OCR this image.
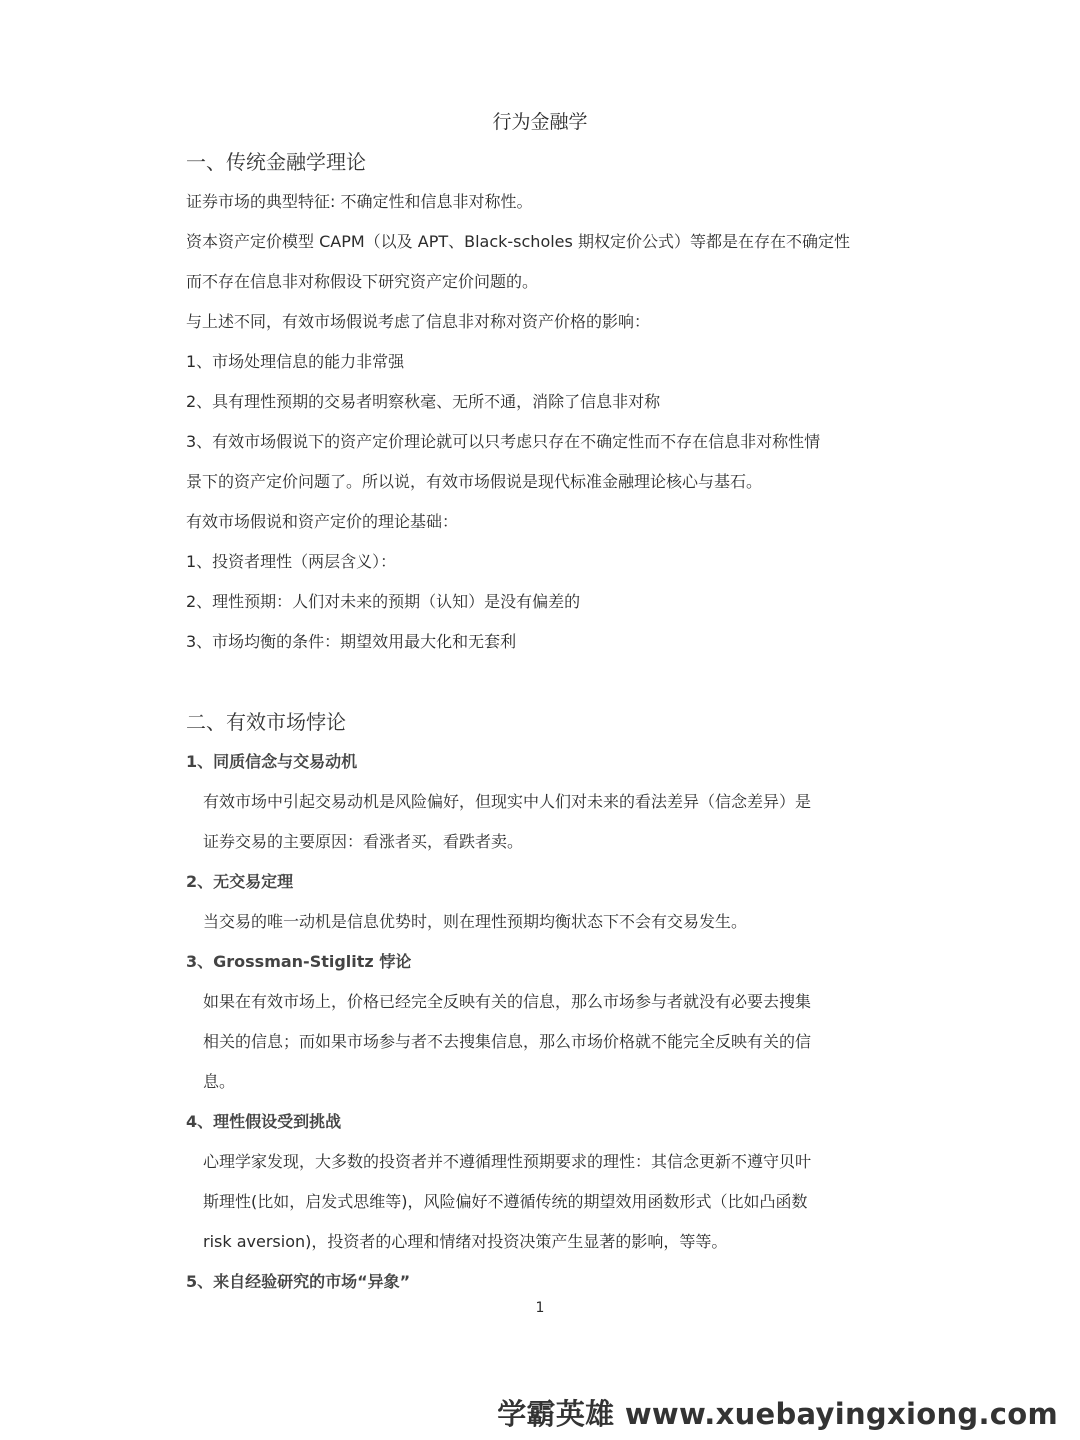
行为金融学
一、传统金融学理论
证券市场的典型特征: 不确定性和信息非对称性。
资本资产定价模型 CAPM（以及 APT、Black-scholes 期权定价公式）等都是在存在不确定性
而不存在信息非对称假设下研究资产定价问题的。
与上述不同，有效市场假说考虑了信息非对称对资产价格的影响：
1、市场处理信息的能力非常强
2、具有理性预期的交易者明察秋毫、无所不通，消除了信息非对称
3、有效市场假说下的资产定价理论就可以只考虑只存在不确定性而不存在信息非对称性情
景下的资产定价问题了。所以说，有效市场假说是现代标准金融理论核心与基石。
有效市场假说和资产定价的理论基础：
1、投资者理性（两层含义）：
2、理性预期：人们对未来的预期（认知）是没有偏差的
3、市场均衡的条件：期望效用最大化和无套利
二、有效市场悖论
1、同质信念与交易动机
有效市场中引起交易动机是风险偏好，但现实中人们对未来的看法差异（信念差异）是
证券交易的主要原因：看涨者买，看跌者卖。
2、无交易定理
当交易的唯一动机是信息优势时，则在理性预期均衡状态下不会有交易发生。
3、Grossman-Stiglitz 悖论
如果在有效市场上，价格已经完全反映有关的信息，那么市场参与者就没有必要去搜集
相关的信息；而如果市场参与者不去搜集信息，那么市场价格就不能完全反映有关的信
息。
4、理性假设受到挑战
心理学家发现，大多数的投资者并不遵循理性预期要求的理性：其信念更新不遵守贝叶
斯理性(比如，启发式思维等)，风险偏好不遵循传统的期望效用函数形式（比如凸函数
risk aversion)，投资者的心理和情绪对投资决策产生显著的影响，等等。
5、来自经验研究的市场“异象”
1
学霸英雄 www.xuebayingxiong.com
